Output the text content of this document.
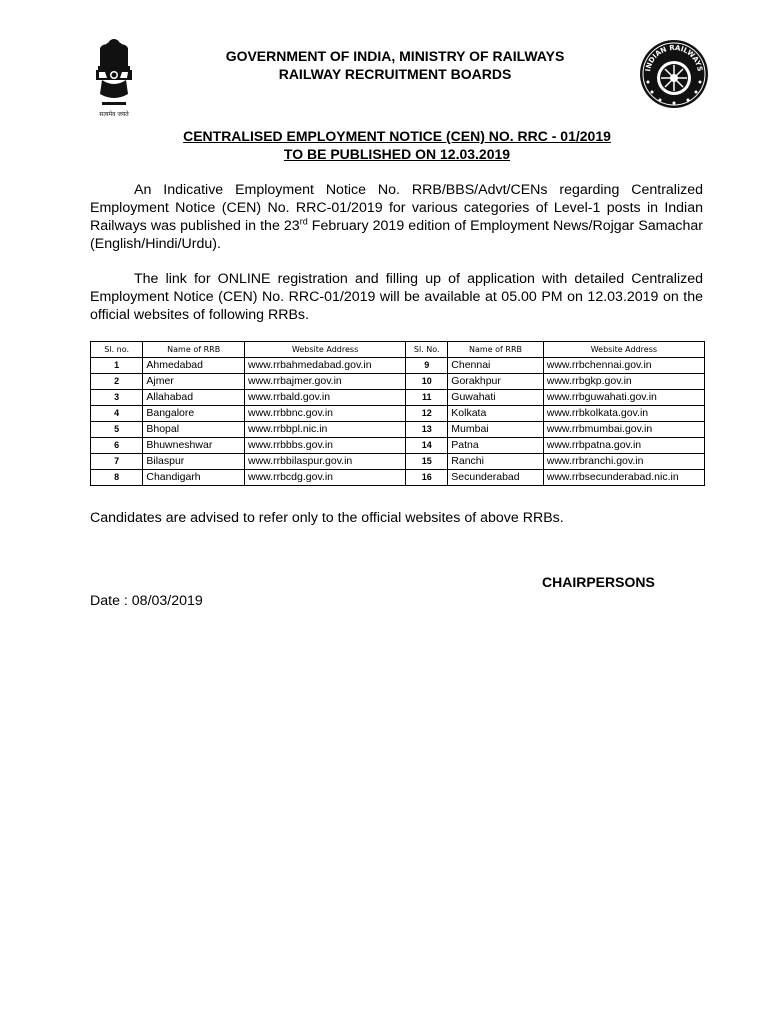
सत्यमेव जयते
INDIAN RAILWAYS
GOVERNMENT OF INDIA, MINISTRY OF RAILWAYS
RAILWAY RECRUITMENT BOARDS
CENTRALISED EMPLOYMENT NOTICE (CEN) NO. RRC - 01/2019
TO BE PUBLISHED ON 12.03.2019

An Indicative Employment Notice No. RRB/BBS/Advt/CENs regarding Centralized Employment Notice (CEN) No. RRC-01/2019 for various categories of Level-1 posts in Indian Railways was published in the 23rd February 2019 edition of Employment News/Rojgar Samachar (English/Hindi/Urdu).

The link for ONLINE registration and filling up of application with detailed Centralized Employment Notice (CEN) No. RRC-01/2019 will be available at 05.00 PM on 12.03.2019 on the official websites of following RRBs.

Sl. no.	Name of RRB	Website Address	Sl. No.	Name of RRB	Website Address
1	Ahmedabad	www.rrbahmedabad.gov.in	9	Chennai	www.rrbchennai.gov.in
2	Ajmer	www.rrbajmer.gov.in	10	Gorakhpur	www.rrbgkp.gov.in
3	Allahabad	www.rrbald.gov.in	11	Guwahati	www.rrbguwahati.gov.in
4	Bangalore	www.rrbbnc.gov.in	12	Kolkata	www.rrbkolkata.gov.in
5	Bhopal	www.rrbbpl.nic.in	13	Mumbai	www.rrbmumbai.gov.in
6	Bhuwneshwar	www.rrbbbs.gov.in	14	Patna	www.rrbpatna.gov.in
7	Bilaspur	www.rrbbilaspur.gov.in	15	Ranchi	www.rrbranchi.gov.in
8	Chandigarh	www.rrbcdg.gov.in	16	Secunderabad	www.rrbsecunderabad.nic.in
Candidates are advised to refer only to the official websites of above RRBs.
CHAIRPERSONS
Date : 08/03/2019
